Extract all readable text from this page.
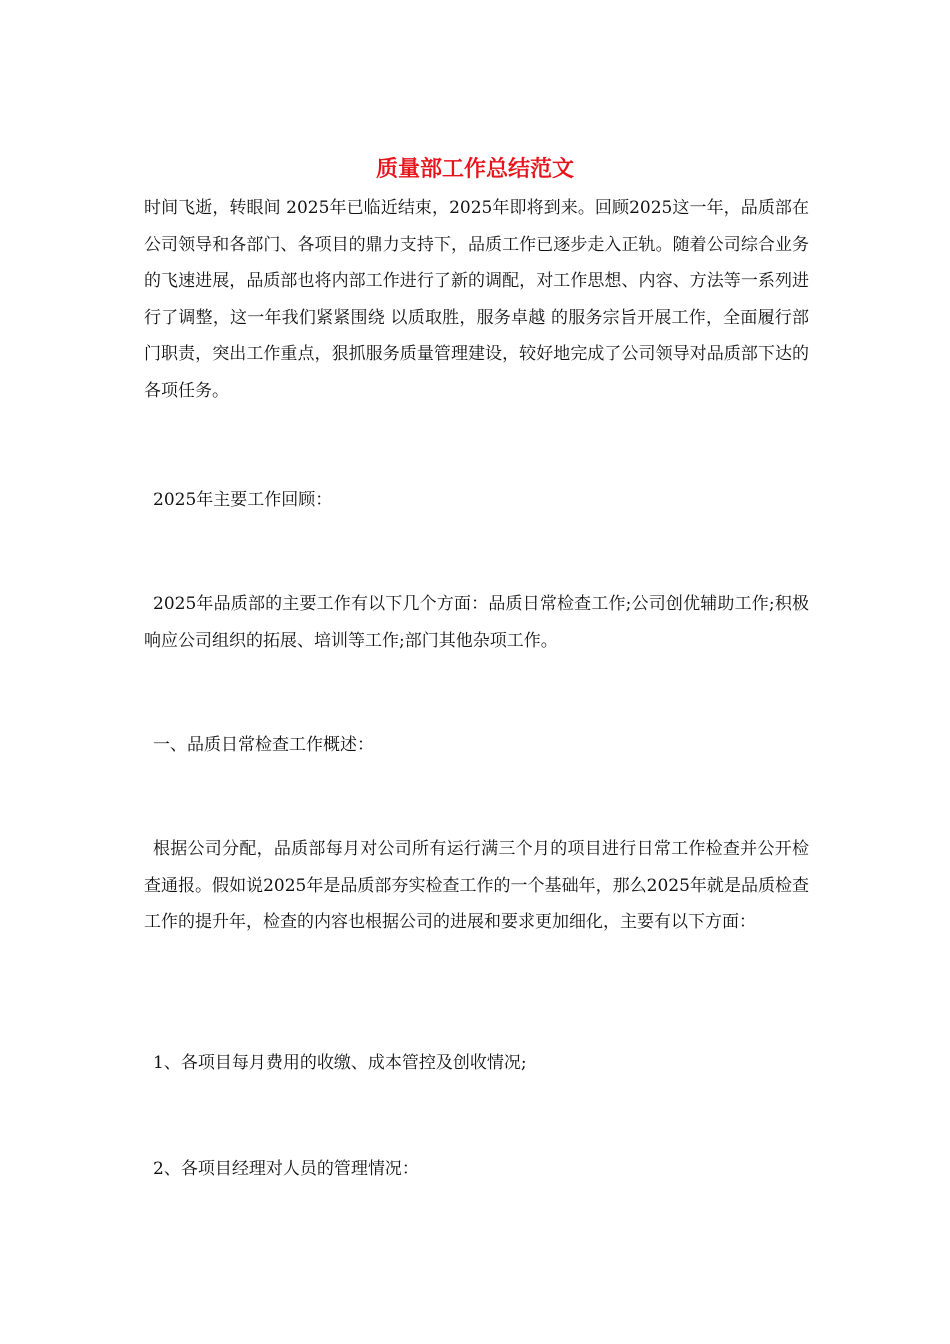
质量部工作总结范文

时间飞逝，转眼间 2025年已临近结束，2025年即将到来。回顾2025这一年，品质部在公司领导和各部门、各项目的鼎力支持下，品质工作已逐步走入正轨。随着公司综合业务的飞速进展，品质部也将内部工作进行了新的调配，对工作思想、内容、方法等一系列进行了调整，这一年我们紧紧围绕 以质取胜，服务卓越 的服务宗旨开展工作，全面履行部门职责，突出工作重点，狠抓服务质量管理建设，较好地完成了公司领导对品质部下达的各项任务。

2025年主要工作回顾：

2025年品质部的主要工作有以下几个方面：品质日常检查工作;公司创优辅助工作;积极响应公司组织的拓展、培训等工作;部门其他杂项工作。

一、品质日常检查工作概述：

根据公司分配，品质部每月对公司所有运行满三个月的项目进行日常工作检查并公开检查通报。假如说2025年是品质部夯实检查工作的一个基础年，那么2025年就是品质检查工作的提升年，检查的内容也根据公司的进展和要求更加细化，主要有以下方面：

1、各项目每月费用的收缴、成本管控及创收情况;

2、各项目经理对人员的管理情况：
